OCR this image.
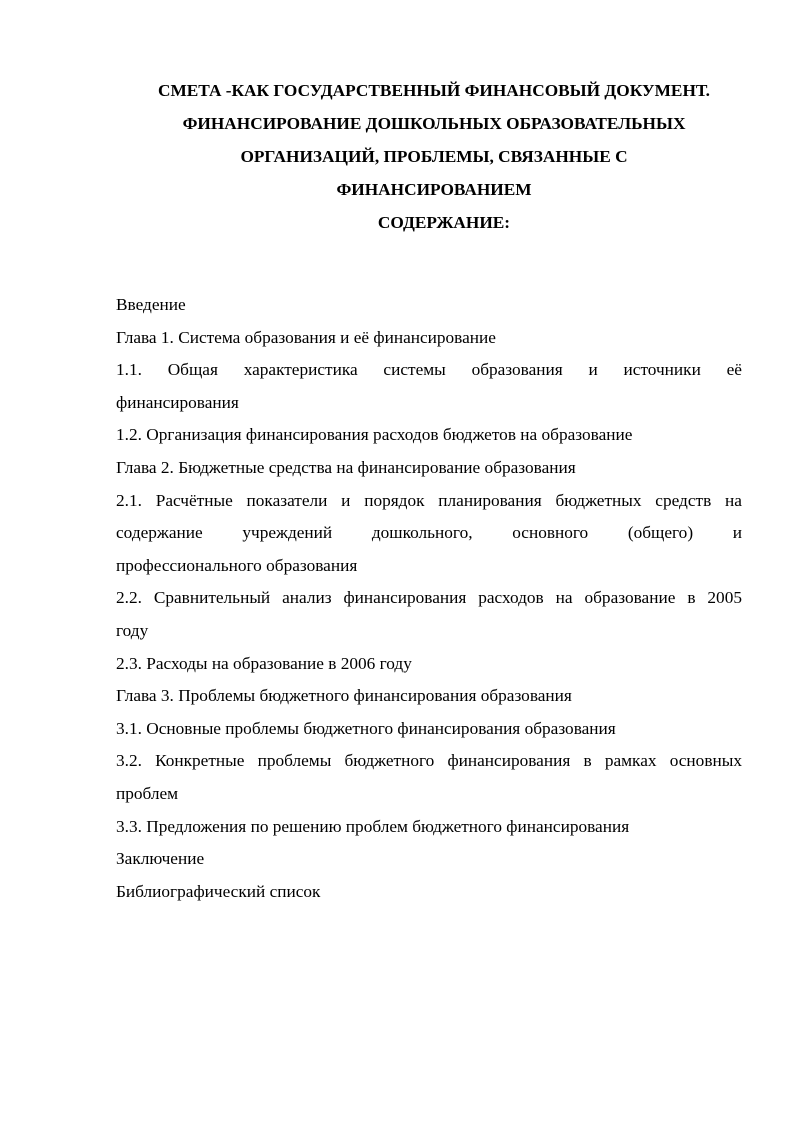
СМЕТА -КАК ГОСУДАРСТВЕННЫЙ ФИНАНСОВЫЙ ДОКУМЕНТ.
ФИНАНСИРОВАНИЕ ДОШКОЛЬНЫХ ОБРАЗОВАТЕЛЬНЫХ
ОРГАНИЗАЦИЙ, ПРОБЛЕМЫ, СВЯЗАННЫЕ С
ФИНАНСИРОВАНИЕМ
СОДЕРЖАНИЕ:
Введение
Глава 1. Система образования и её финансирование
1.1. Общая характеристика системы образования и источники её
финансирования
1.2. Организация финансирования расходов бюджетов на образование
Глава 2. Бюджетные средства на финансирование образования
2.1. Расчётные показатели и порядок планирования бюджетных средств на
содержание учреждений дошкольного, основного (общего) и
профессионального образования
2.2. Сравнительный анализ финансирования расходов на образование в 2005
году
2.3. Расходы на образование в 2006 году
Глава 3. Проблемы бюджетного финансирования образования
3.1. Основные проблемы бюджетного финансирования образования
3.2. Конкретные проблемы бюджетного финансирования в рамках основных
проблем
3.3. Предложения по решению проблем бюджетного финансирования
Заключение
Библиографический список
